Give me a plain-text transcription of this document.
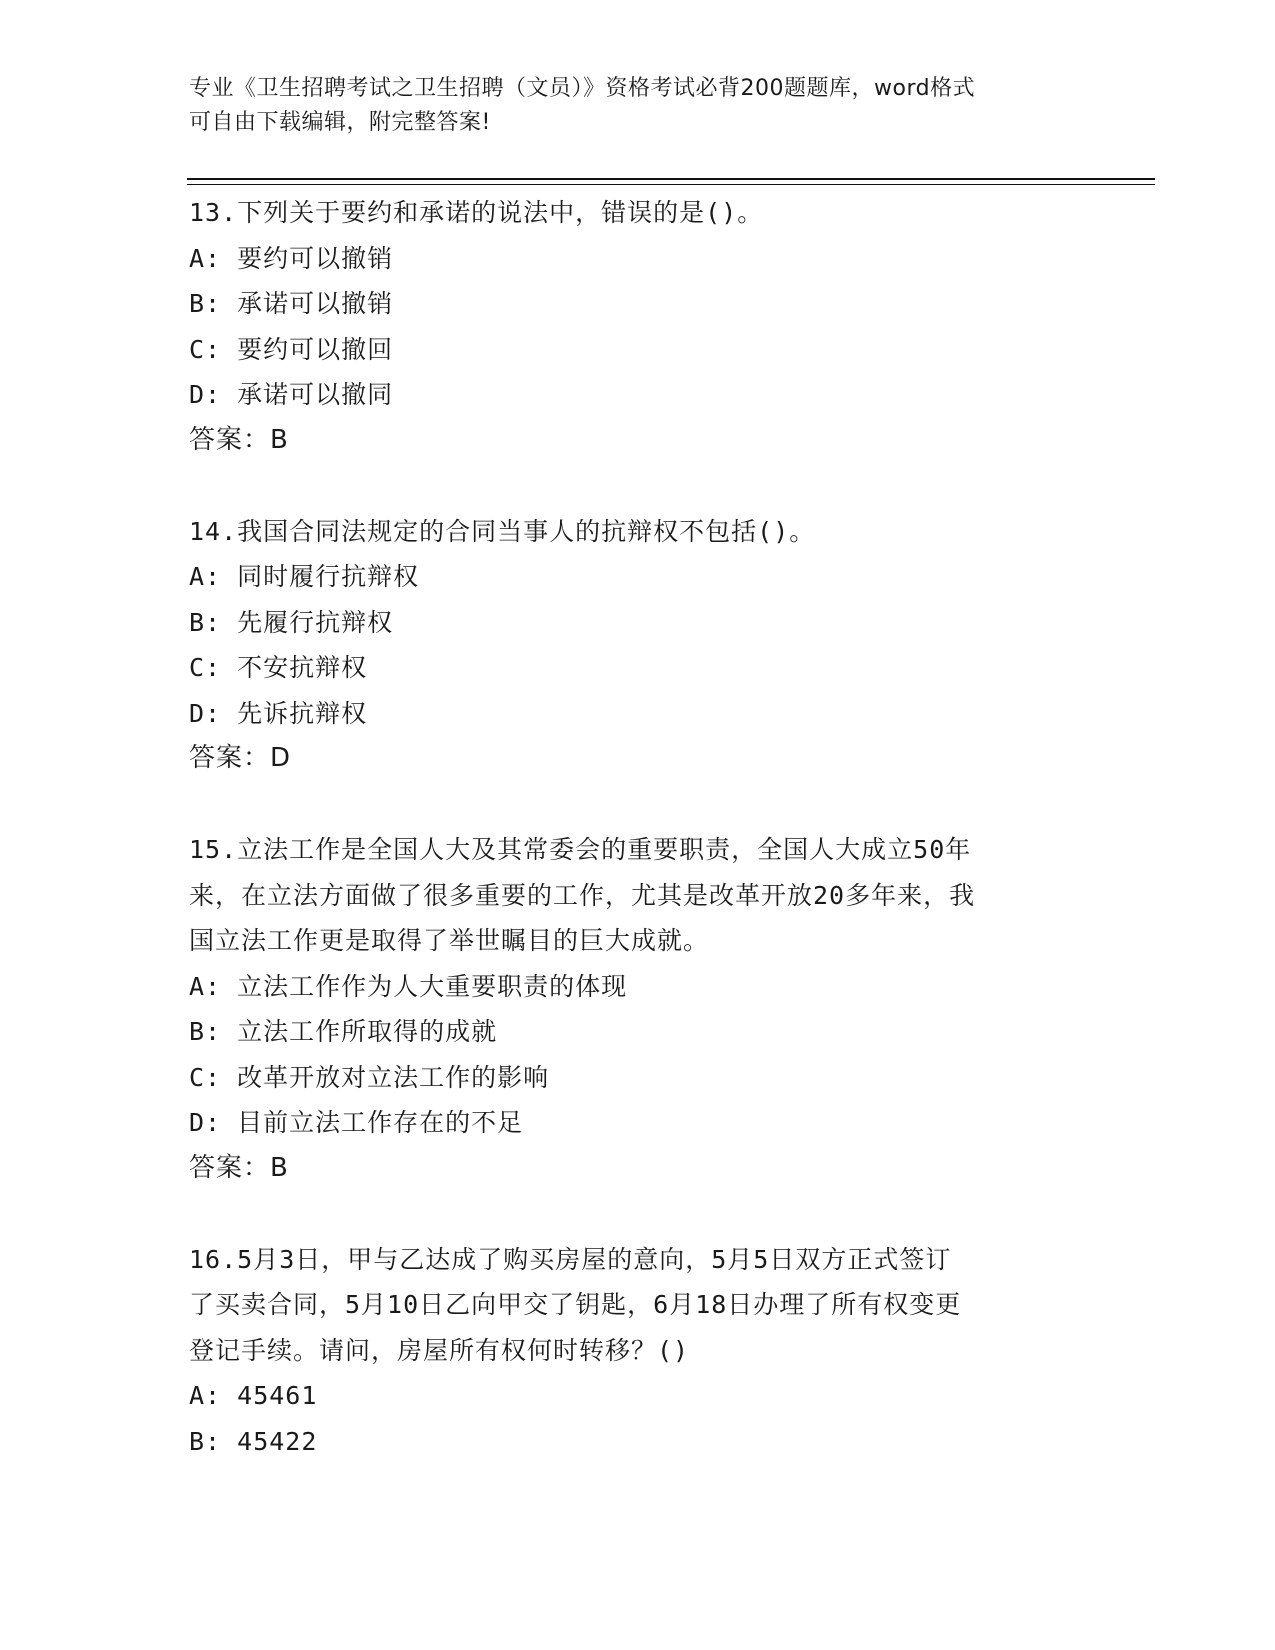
专业《卫生招聘考试之卫生招聘（文员）》资格考试必背200题题库，word格式
可自由下载编辑，附完整答案!
13.下列关于要约和承诺的说法中，错误的是()。
A: 要约可以撤销
B: 承诺可以撤销
C: 要约可以撤回
D: 承诺可以撤同
答案：B
14.我国合同法规定的合同当事人的抗辩权不包括()。
A: 同时履行抗辩权
B: 先履行抗辩权
C: 不安抗辩权
D: 先诉抗辩权
答案：D
15.立法工作是全国人大及其常委会的重要职责，全国人大成立50年
来，在立法方面做了很多重要的工作，尤其是改革开放20多年来，我
国立法工作更是取得了举世瞩目的巨大成就。
A: 立法工作作为人大重要职责的体现
B: 立法工作所取得的成就
C: 改革开放对立法工作的影响
D: 目前立法工作存在的不足
答案：B
16.5月3日，甲与乙达成了购买房屋的意向，5月5日双方正式签订
了买卖合同，5月10日乙向甲交了钥匙，6月18日办理了所有权变更
登记手续。请问，房屋所有权何时转移？()
A: 45461
B: 45422
